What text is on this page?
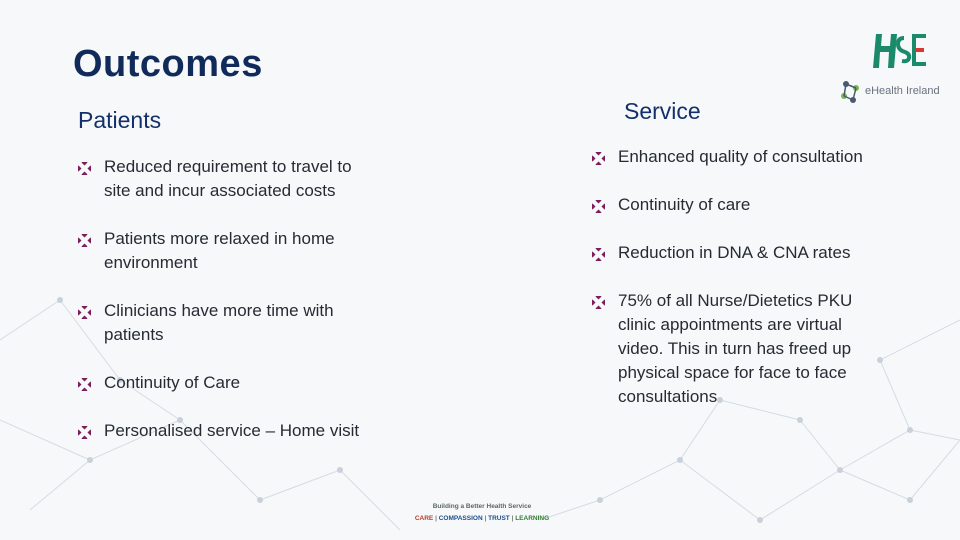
Outcomes
eHealth Ireland
Patients
Reduced requirement to travel to site and incur associated costs
Patients more relaxed in home environment
Clinicians have more time with patients
Continuity of Care
Personalised service – Home visit
Service
Enhanced quality of consultation
Continuity of care
Reduction in DNA & CNA rates
75% of all Nurse/Dietetics PKU clinic appointments are virtual video. This in turn has freed up physical space for face to face consultations
Building a Better Health Service
CARE | COMPASSION | TRUST | LEARNING
